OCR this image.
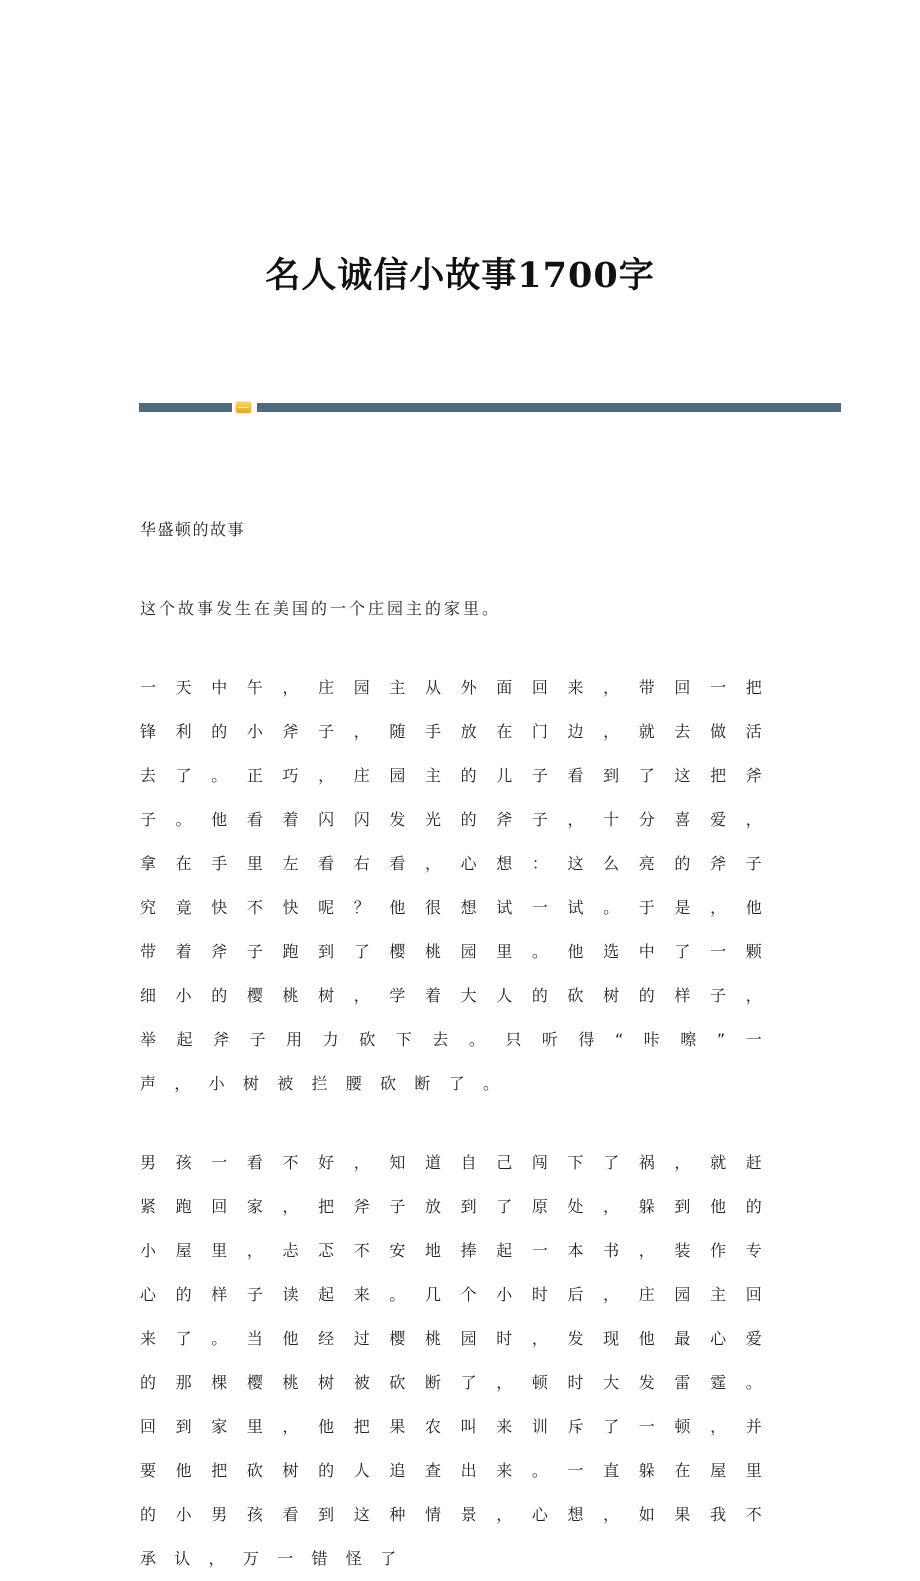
名人诚信小故事1700字

华盛顿的故事

这个故事发生在美国的一个庄园主的家里。

一天中午，庄园主从外面回来，带回一把锋利的小斧子，随手放在门边，就去做活去了。正巧，庄园主的儿子看到了这把斧子。他看着闪闪发光的斧子，十分喜爱，拿在手里左看右看，心想：这么亮的斧子究竟快不快呢？他很想试一试。于是，他带着斧子跑到了樱桃园里。他选中了一颗细小的樱桃树，学着大人的砍树的样子，举起斧子用力砍下去。只听得“咔嚓”一声，小树被拦腰砍断了。

男孩一看不好，知道自己闯下了祸，就赶紧跑回家，把斧子放到了原处，躲到他的小屋里，忐忑不安地捧起一本书，装作专心的样子读起来。几个小时后，庄园主回来了。当他经过樱桃园时，发现他最心爱的那棵樱桃树被砍断了，顿时大发雷霆。回到家里，他把果农叫来训斥了一顿，并要他把砍树的人追查出来。一直躲在屋里的小男孩看到这种情景，心想，如果我不承认，万一错怪了
